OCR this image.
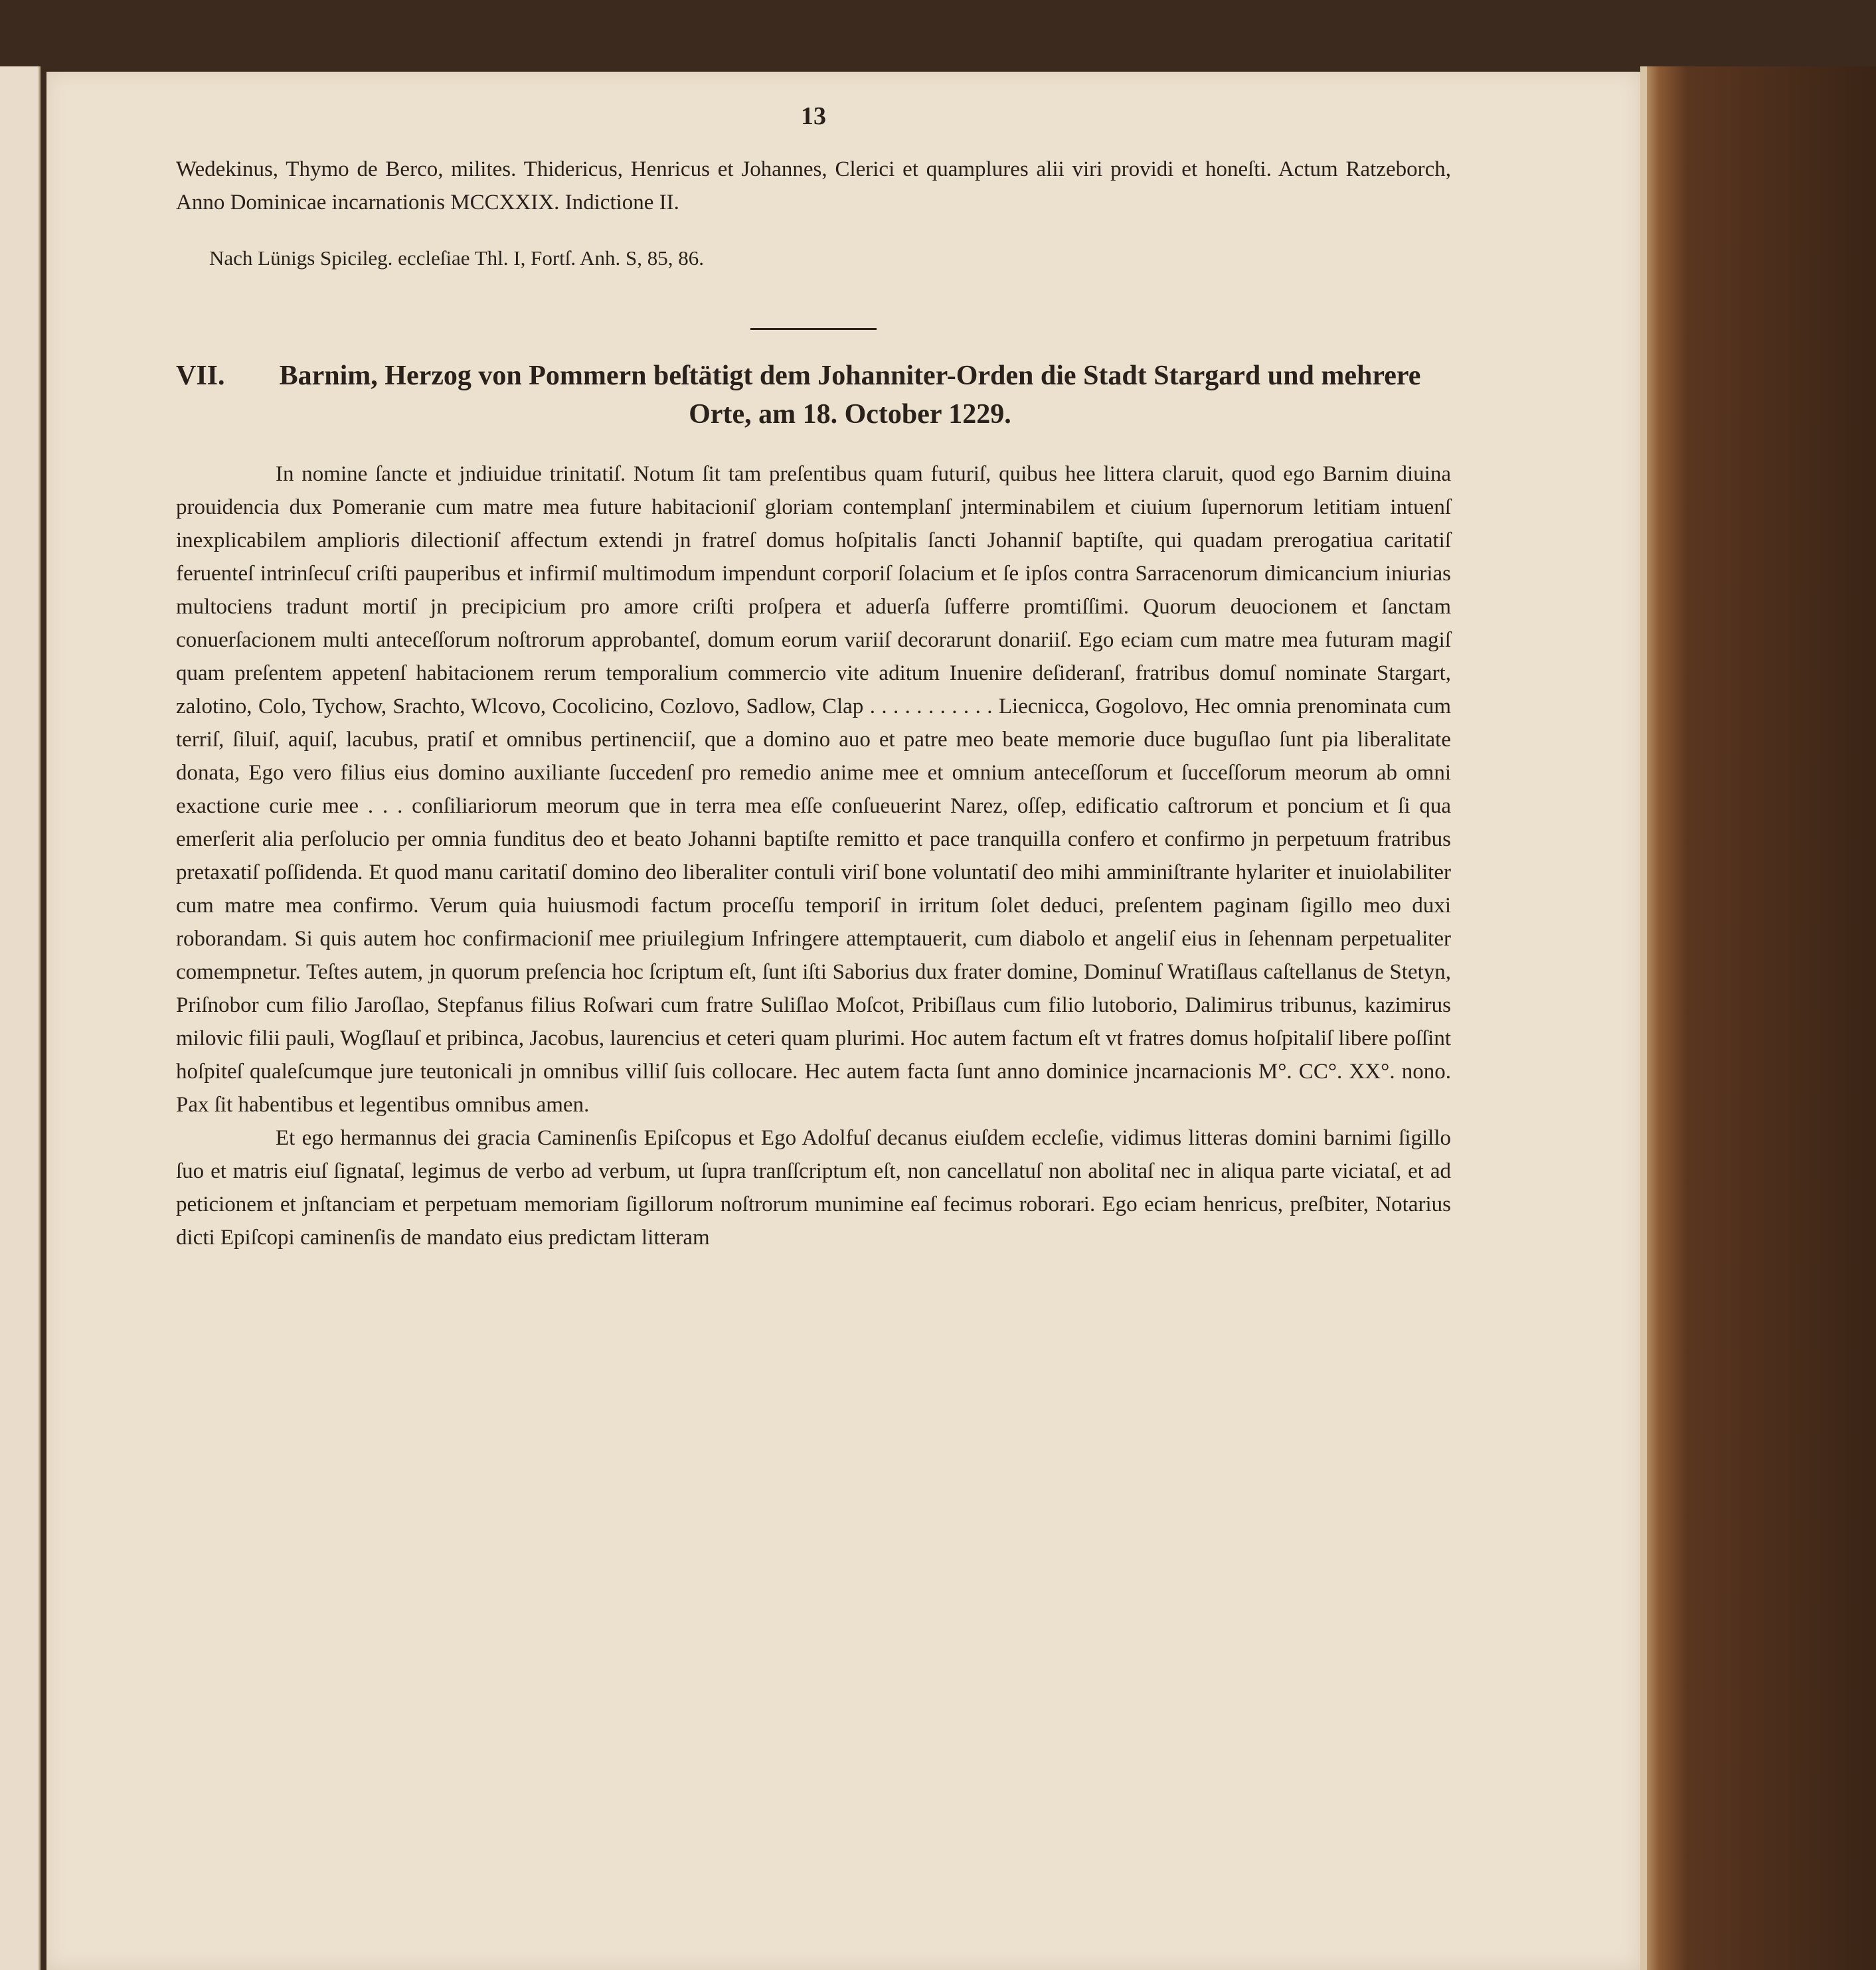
13
Wedekinus, Thymo de Berco, milites. Thidericus, Henricus et Johannes, Clerici et quamplures alii viri providi et honeſti. Actum Ratzeborch, Anno Dominicae incarnationis MCCXXIX. Indictione II.
Nach Lünigs Spicileg. eccleſiae Thl. I, Fortſ. Anh. S, 85, 86.
VII.	Barnim, Herzog von Pommern beſtätigt dem Johanniter-Orden die Stadt Stargard und mehrere Orte, am 18. October 1229.
In nomine ſancte et jndiuidue trinitatiſ. Notum ſit tam preſentibus quam futuriſ, quibus hee littera claruit, quod ego Barnim diuina prouidencia dux Pomeranie cum matre mea future habitacioniſ gloriam contemplanſ jnterminabilem et ciuium ſupernorum letitiam intuenſ inexplicabilem amplioris dilectioniſ affectum extendi jn fratreſ domus hoſpitalis ſancti Johanniſ baptiſte, qui quadam prerogatiua caritatiſ feruenteſ intrinſecuſ criſti pauperibus et infirmiſ multimodum impendunt corporiſ ſolacium et ſe ipſos contra Sarracenorum dimicancium iniurias multociens tradunt mortiſ jn precipicium pro amore criſti proſpera et aduerſa ſufferre promtiſſimi. Quorum deuocionem et ſanctam conuerſacionem multi anteceſſorum noſtrorum approbanteſ, domum eorum variiſ decorarunt donariiſ. Ego eciam cum matre mea futuram magiſ quam preſentem appetenſ habitacionem rerum temporalium commercio vite aditum Inuenire deſideranſ, fratribus domuſ nominate Stargart, zalotino, Colo, Tychow, Srachto, Wlcovo, Cocolicino, Cozlovo, Sadlow, Clap . . . . . . . . . . . Liecnicca, Gogolovo, Hec omnia prenominata cum terriſ, ſiluiſ, aquiſ, lacubus, pratiſ et omnibus pertinenciiſ, que a domino auo et patre meo beate memorie duce buguſlao ſunt pia liberalitate donata, Ego vero filius eius domino auxiliante ſuccedenſ pro remedio anime mee et omnium anteceſſorum et ſucceſſorum meorum ab omni exactione curie mee . . . conſiliariorum meorum que in terra mea eſſe conſueuerint Narez, oſſep, edificatio caſtrorum et poncium et ſi qua emerſerit alia perſolucio per omnia funditus deo et beato Johanni baptiſte remitto et pace tranquilla confero et confirmo jn perpetuum fratribus pretaxatiſ poſſidenda. Et quod manu caritatiſ domino deo liberaliter contuli viriſ bone voluntatiſ deo mihi amminiſtrante hylariter et inuiolabiliter cum matre mea confirmo. Verum quia huiusmodi factum proceſſu temporiſ in irritum ſolet deduci, preſentem paginam ſigillo meo duxi roborandam. Si quis autem hoc confirmacioniſ mee priuilegium Infringere attemptauerit, cum diabolo et angeliſ eius in ſehennam perpetualiter comempnetur. Teſtes autem, jn quorum preſencia hoc ſcriptum eſt, ſunt iſti Saborius dux frater domine, Dominuſ Wratiſlaus caſtellanus de Stetyn, Priſnobor cum filio Jaroſlao, Stepfanus filius Roſwari cum fratre Suliſlao Moſcot, Pribiſlaus cum filio lutoborio, Dalimirus tribunus, kazimirus milovic filii pauli, Wogſlauſ et pribinca, Jacobus, laurencius et ceteri quam plurimi. Hoc autem factum eſt vt fratres domus hoſpitaliſ libere poſſint hoſpiteſ qualeſcumque jure teutonicali jn omnibus villiſ ſuis collocare. Hec autem facta ſunt anno dominice jncarnacionis M°. CC°. XX°. nono. Pax ſit habentibus et legentibus omnibus amen.
Et ego hermannus dei gracia Caminenſis Epiſcopus et Ego Adolfuſ decanus eiuſdem eccleſie, vidimus litteras domini barnimi ſigillo ſuo et matris eiuſ ſignataſ, legimus de verbo ad verbum, ut ſupra tranſſcriptum eſt, non cancellatuſ non abolitaſ nec in aliqua parte viciataſ, et ad peticionem et jnſtanciam et perpetuam memoriam ſigillorum noſtrorum munimine eaſ fecimus roborari. Ego eciam henricus, preſbiter, Notarius dicti Epiſcopi caminenſis de mandato eius predictam litteram
